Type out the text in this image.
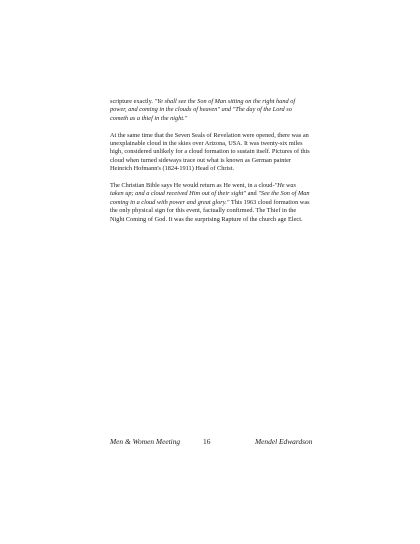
scripture exactly. "Ye shall see the Son of Man sitting on the right hand of power, and coming in the clouds of heaven" and "The day of the Lord so cometh as a thief in the night."

At the same time that the Seven Seals of Revelation were opened, there was an unexplainable cloud in the skies over Arizona, USA. It was twenty-six miles high, considered unlikely for a cloud formation to sustain itself. Pictures of this cloud when turned sideways trace out what is known as German painter Heinrich Hofmann's (1824-1911) Head of Christ.

The Christian Bible says He would return as He went, in a cloud-"He was taken up; and a cloud received Him out of their sight" and "See the Son of Man coming in a cloud with power and great glory." This 1963 cloud formation was the only physical sign for this event, factually confirmed. The Thief in the Night Coming of God. It was the surprising Rapture of the church age Elect.

Men & Women Meeting	16	Mendel Edwardson
